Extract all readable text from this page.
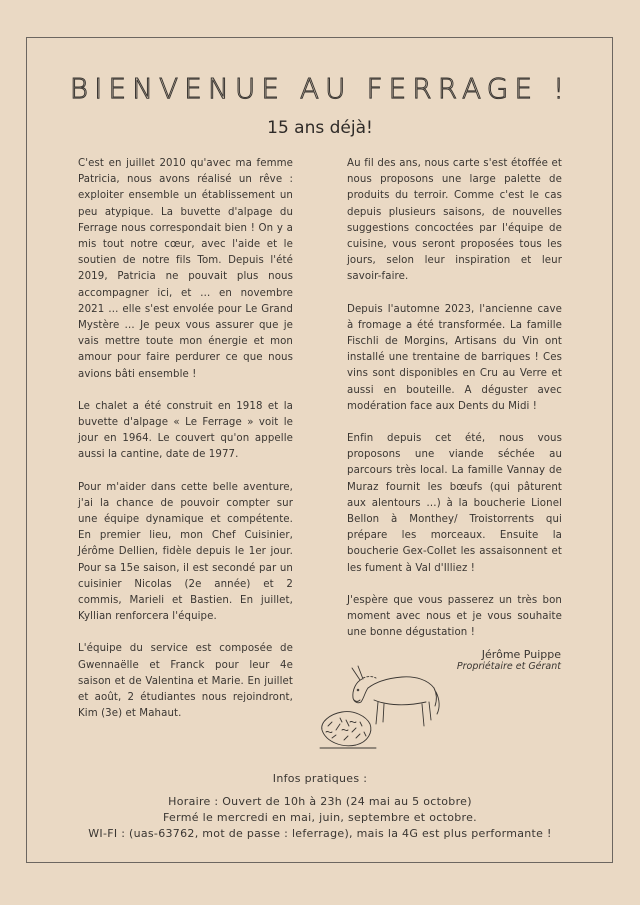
BIENVENUE AU FERRAGE !
15 ans déjà!

C'est en juillet 2010 qu'avec ma femme Patricia, nous avons réalisé un rêve : exploiter ensemble un établissement un peu atypique. La buvette d'alpage du Ferrage nous correspondait bien ! On y a mis tout notre cœur, avec l'aide et le soutien de notre fils Tom. Depuis l'été 2019, Patricia ne pouvait plus nous accompagner ici, et … en novembre 2021 … elle s'est envolée pour Le Grand Mystère … Je peux vous assurer que je vais mettre toute mon énergie et mon amour pour faire perdurer ce que nous avions bâti ensemble !

Le chalet a été construit en 1918 et la buvette d'alpage « Le Ferrage » voit le jour en 1964. Le couvert qu'on appelle aussi la cantine, date de 1977.

Pour m'aider dans cette belle aventure, j'ai la chance de pouvoir compter sur une équipe dynamique et compétente. En premier lieu, mon Chef Cuisinier, Jérôme Dellien, fidèle depuis le 1er jour. Pour sa 15e saison, il est secondé par un cuisinier Nicolas (2e année) et 2 commis, Marieli et Bastien. En juillet, Kyllian renforcera l'équipe.

L'équipe du service est composée de Gwennaëlle et Franck pour leur 4e saison et de Valentina et Marie. En juillet et août, 2 étudiantes nous rejoindront, Kim (3e) et Mahaut.

Au fil des ans, nous carte s'est étoffée et nous proposons une large palette de produits du terroir. Comme c'est le cas depuis plusieurs saisons, de nouvelles suggestions concoctées par l'équipe de cuisine, vous seront proposées tous les jours, selon leur inspiration et leur savoir-faire.

Depuis l'automne 2023, l'ancienne cave à fromage a été transformée. La famille Fischli de Morgins, Artisans du Vin ont installé une trentaine de barriques ! Ces vins sont disponibles en Cru au Verre et aussi en bouteille. A déguster avec modération face aux Dents du Midi !

Enfin depuis cet été, nous vous proposons une viande séchée au parcours très local. La famille Vannay de Muraz fournit les bœufs (qui pâturent aux alentours …) à la boucherie Lionel Bellon à Monthey/ Troistorrents qui prépare les morceaux. Ensuite la boucherie Gex-Collet les assaisonnent et les fument à Val d'Illiez !

J'espère que vous passerez un très bon moment avec nous et je vous souhaite une bonne dégustation !

Jérôme Puippe
Propriétaire et Gérant
Infos pratiques :
Horaire : Ouvert de 10h à 23h (24 mai au 5 octobre)
Fermé le mercredi en mai, juin, septembre et octobre.
WI-FI : (uas-63762, mot de passe : leferrage), mais la 4G est plus performante !
